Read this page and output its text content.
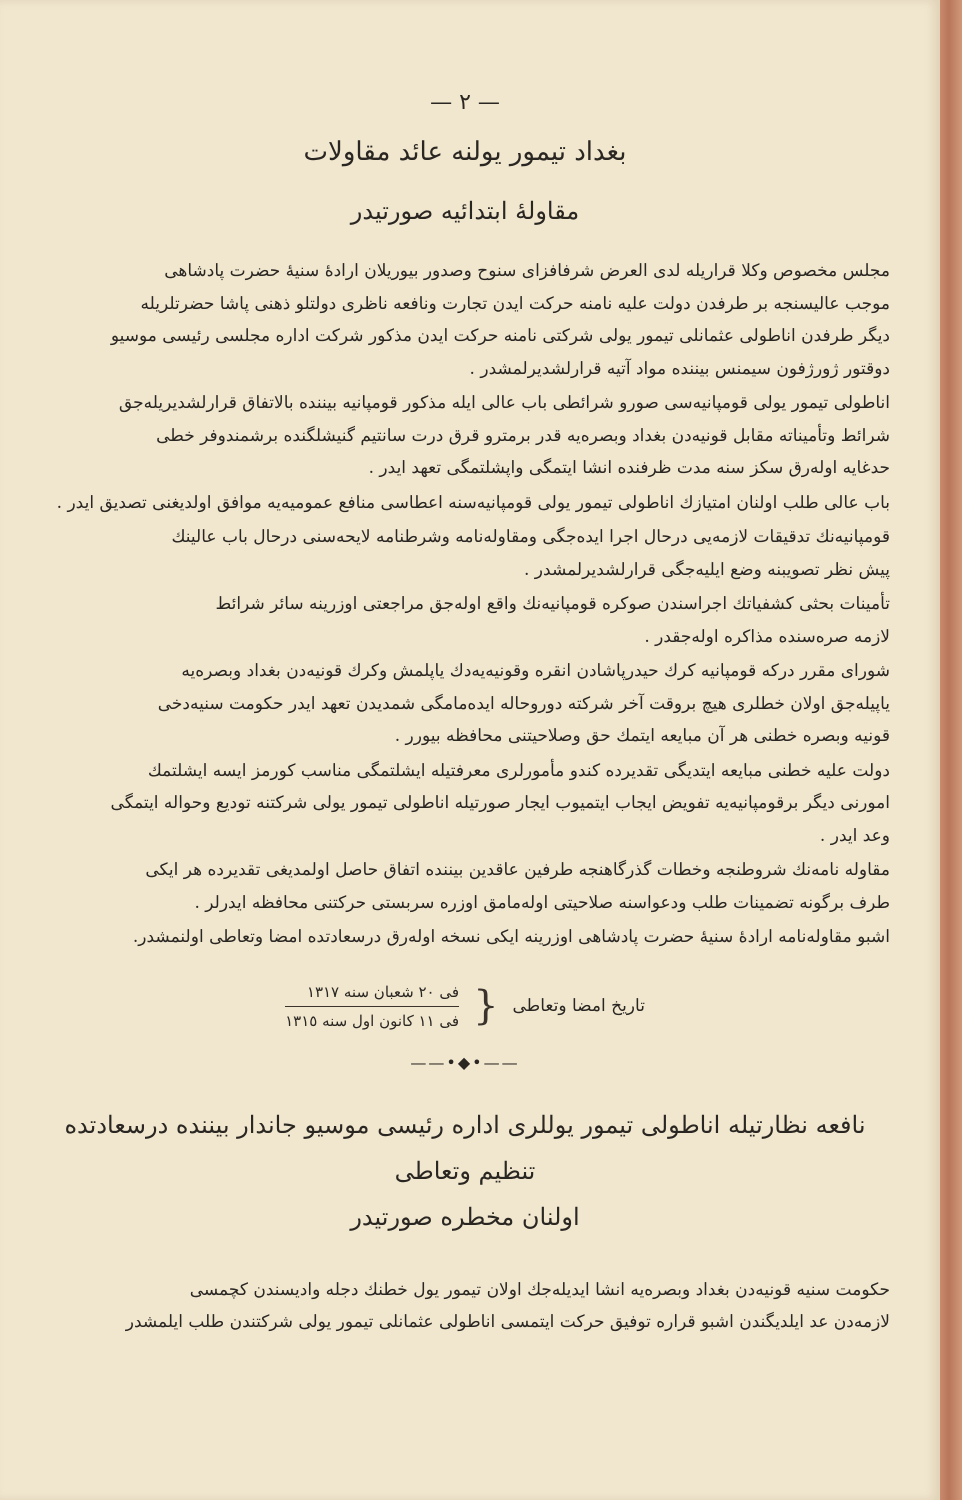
— ٢ —
بغداد تیمور یولنه عائد مقاولات
مقاولهٔ ابتدائیه صورتیدر
مجلس مخصوص وکلا قراریله لدی العرض شرفافزای سنوح وصدور بیوریلان ارادهٔ سنیهٔ حضرت پادشاهی
موجب عالیسنجه بر طرفدن دولت علیه نامنه حرکت ایدن تجارت ونافعه ناظری دولتلو ذهنی پاشا حضرتلریله
دیگر طرفدن اناطولی عثمانلی تیمور یولی شرکتی نامنه حرکت ایدن مذکور شرکت اداره مجلسی رئیسی موسیو
دوقتور ژورژفون سیمنس بیننده مواد آتیه قرارلشدیرلمشدر .
اناطولی تیمور یولی قومپانیه‌سی صورو شرائطی باب عالی ایله مذکور قومپانیه بیننده بالاتفاق قرارلشدیریله‌جق
شرائط وتأمیناته مقابل قونیه‌دن بغداد وبصره‌یه قدر برمترو قرق درت سانتیم گنیشلگنده برشمندوفر خطی
حدغایه اوله‌رق سکز سنه مدت ظرفنده انشا ایتمگی واپشلتمگی تعهد ایدر .
باب عالی طلب اولنان امتیازك اناطولی تیمور یولی قومپانیه‌سنه اعطاسی منافع عمومیه‌یه موافق اولدیغنی تصدیق ایدر .
قومپانیه‌نك تدقیقات لازمه‌یی درحال اجرا ایده‌جگی ومقاوله‌نامه وشرطنامه لایحه‌سنی درحال باب عالینك
پیش نظر تصویبنه وضع ایلیه‌جگی قرارلشدیرلمشدر .
تأمینات بحثی کشفیاتك اجراسندن صوکره قومپانیه‌نك واقع اوله‌جق مراجعتی اوزرینه سائر شرائط
لازمه صره‌سنده مذاکره اوله‌جقدر .
شورای مقرر درکه قومپانیه کرك حیدرپاشادن انقره وقونیه‌یه‌دك یاپلمش وکرك قونیه‌دن بغداد وبصره‌یه
یاپیله‌جق اولان خطلری هیچ بروقت آخر شرکته دوروحاله ایده‌مامگی شمدیدن تعهد ایدر حکومت سنیه‌دخی
قونیه وبصره خطنی هر آن مبایعه ایتمك حق وصلاحیتنی محافظه بیورر .
دولت علیه خطنی مبایعه ایتدیگی تقدیرده کندو مأمورلری معرفتیله ایشلتمگی مناسب کورمز ایسه ایشلتمك
امورنی دیگر برقومپانیه‌یه تفویض ایجاب ایتمیوب ایجار صورتیله اناطولی تیمور یولی شرکتنه تودیع وحواله ایتمگی
وعد ایدر .
مقاوله نامه‌نك شروطنجه وخطات گذرگاهنجه طرفین عاقدین بیننده اتفاق حاصل اولمدیغی تقدیرده هر ایکی
طرف برگونه تضمینات طلب ودعواسنه صلاحیتی اوله‌مامق اوزره سربستی حرکتنی محافظه ایدرلر .
اشبو مقاوله‌نامه ارادهٔ سنیهٔ حضرت پادشاهی اوزرینه ایکی نسخه اوله‌رق درسعادتده امضا وتعاطی اولنمشدر.
تاریخ امضا وتعاطی
{
فی ٢٠ شعبان سنه ١٣١٧
فی ١١ کانون اول سنه ١٣١٥
——•◆•——
نافعه نظارتیله اناطولی تیمور یوللری اداره رئیسی موسیو جاندار بیننده درسعادتده تنظیم وتعاطی
اولنان مخطره صورتیدر
حکومت سنیه قونیه‌دن بغداد وبصره‌یه انشا ایدیله‌جك اولان تیمور یول خطنك دجله وادیسندن کچمسی
لازمه‌دن عد ایلدیگندن اشبو قراره توفیق حرکت ایتمسی اناطولی عثمانلی تیمور یولی شرکتندن طلب ایلمشدر
